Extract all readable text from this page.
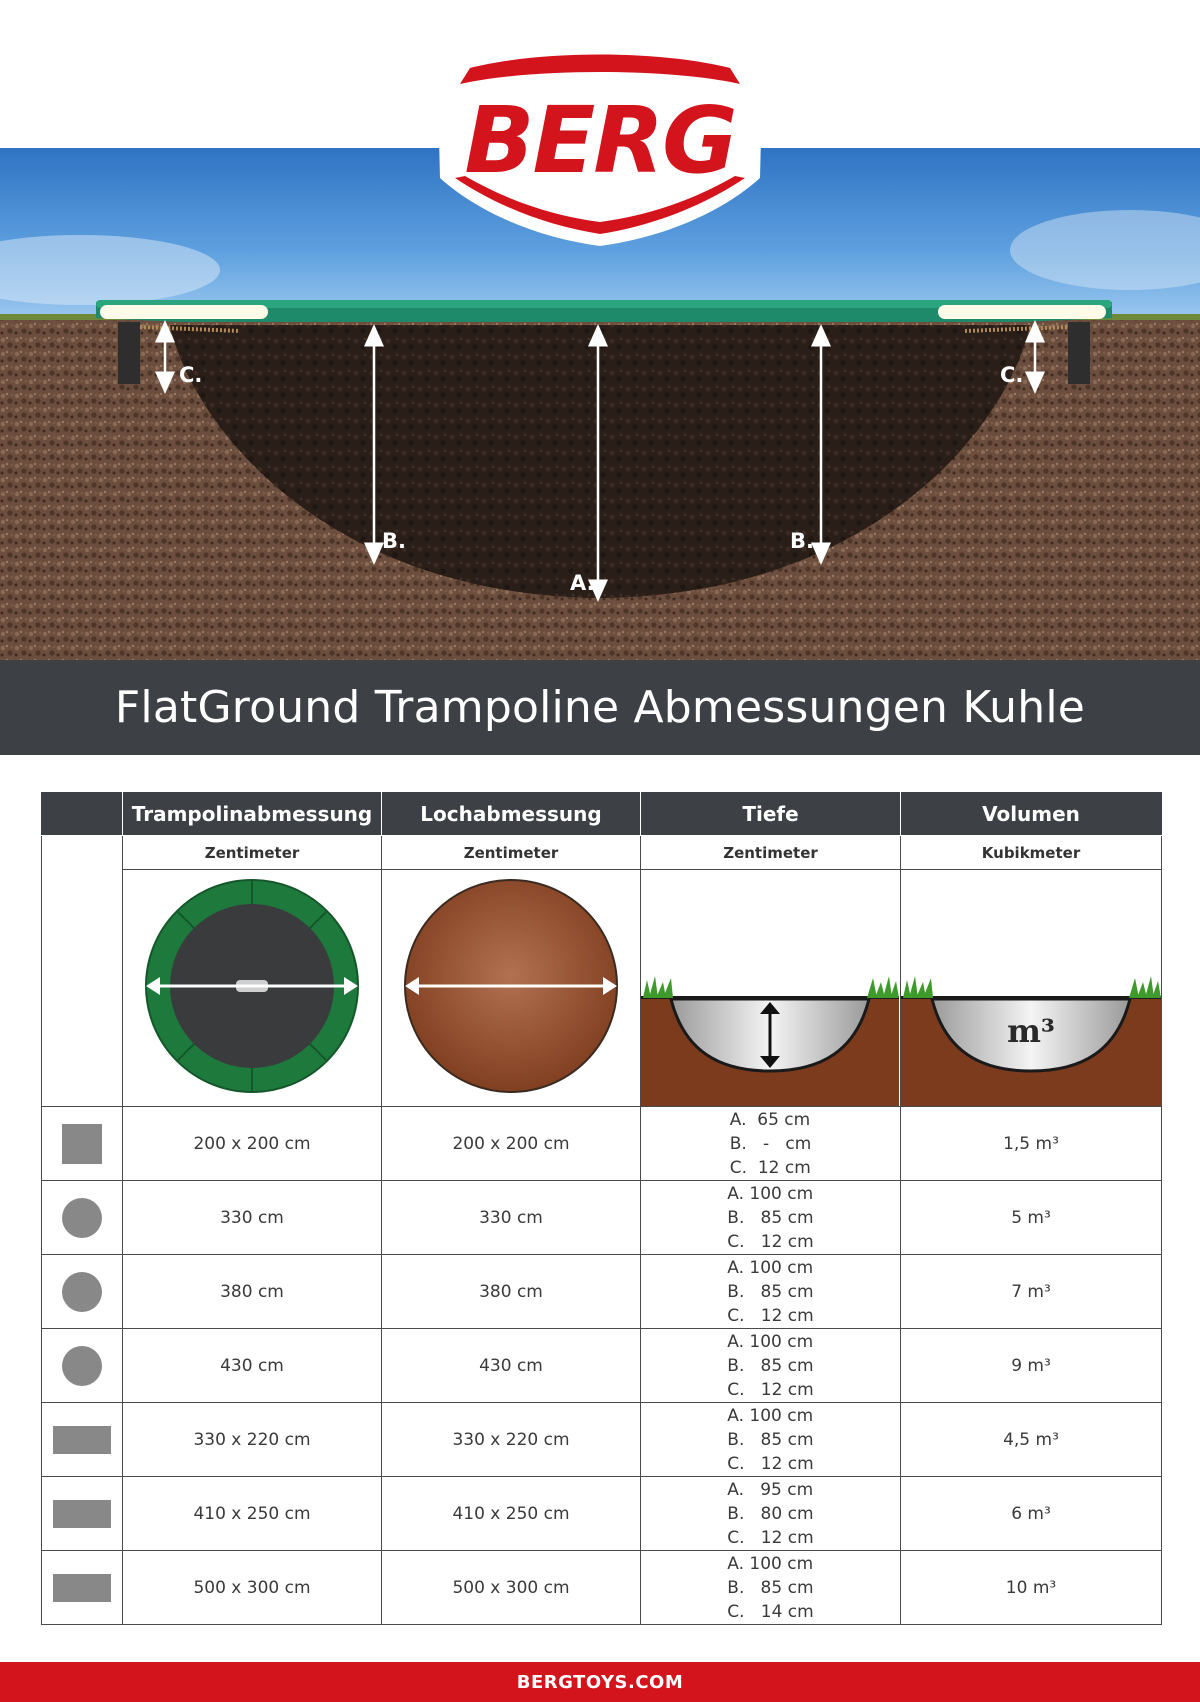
A.
B.	B.
C.	C.
BERG
FlatGround Trampoline Abmessungen Kuhle
	Trampolinabmessung	Lochabmessung	Tiefe	Volumen
	Zentimeter	Zentimeter	Zentimeter	Kubikmeter

m³

	200 x 200 cm	200 x 200 cm	A.  65 cm
B.   -   cm
C.  12 cm	1,5 m³

	330 cm	330 cm	A. 100 cm
B.   85 cm
C.   12 cm	5 m³

	380 cm	380 cm	A. 100 cm
B.   85 cm
C.   12 cm	7 m³

	430 cm	430 cm	A. 100 cm
B.   85 cm
C.   12 cm	9 m³

	330 x 220 cm	330 x 220 cm	A. 100 cm
B.   85 cm
C.   12 cm	4,5 m³

	410 x 250 cm	410 x 250 cm	A.   95 cm
B.   80 cm
C.   12 cm	6 m³

	500 x 300 cm	500 x 300 cm	A. 100 cm
B.   85 cm
C.   14 cm	10 m³
BERGTOYS.COM
